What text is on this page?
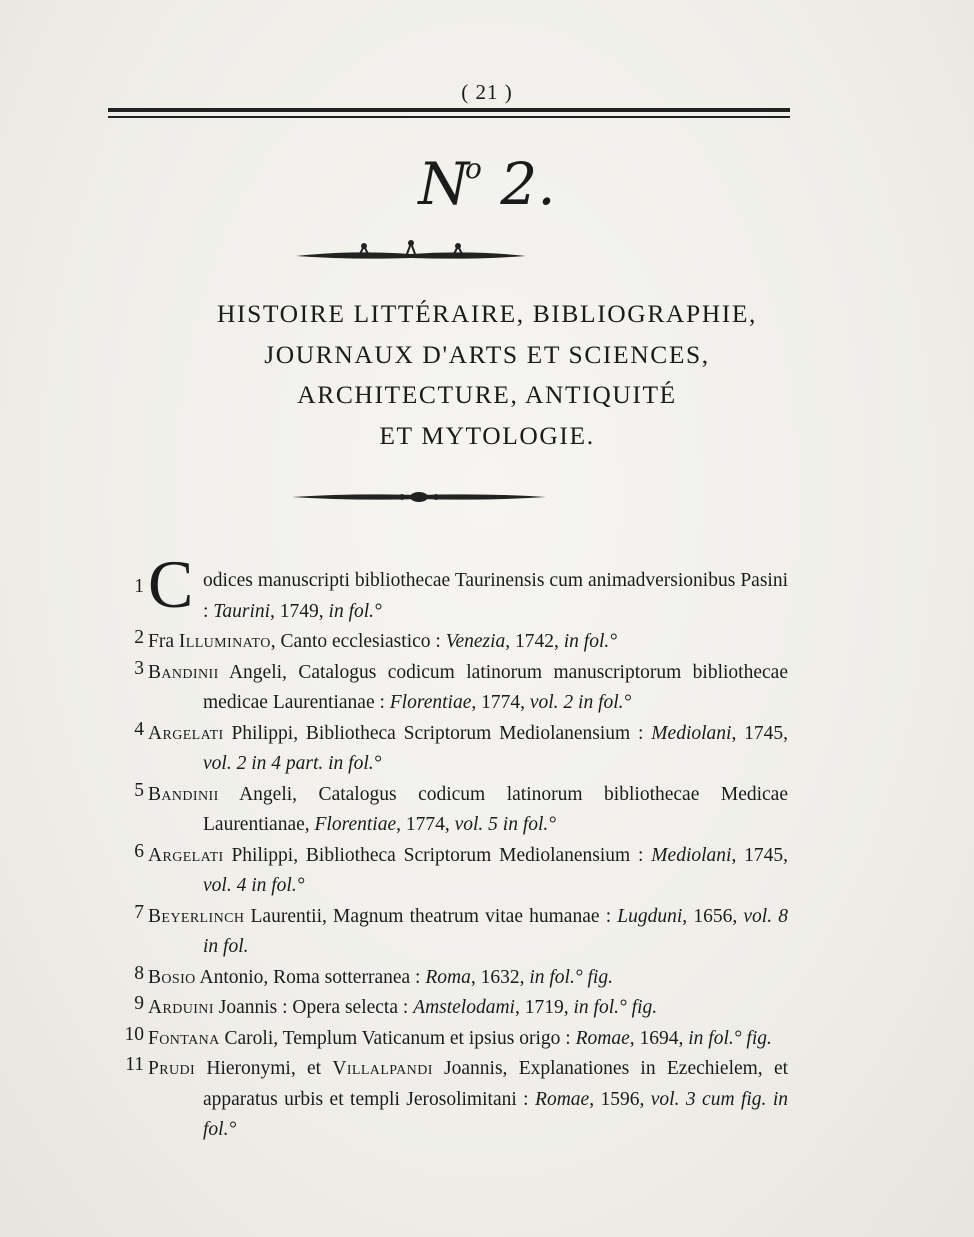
( 21 )
$N^o$ 2.
HISTOIRE LITTÉRAIRE, BIBLIOGRAPHIE,
JOURNAUX D'ARTS ET SCIENCES,
ARCHITECTURE, ANTIQUITÉ
ET MYTOLOGIE.
1 Codices manuscripti bibliothecae Taurinensis cum animadversionibus Pasini : Taurini, 1749, in fol.°
2 Fra Illuminato, Canto ecclesiastico : Venezia, 1742, in fol.°
3 Bandinii Angeli, Catalogus codicum latinorum manuscriptorum bibliothecae medicae Laurentianae : Florentiae, 1774, vol. 2 in fol.°
4 Argelati Philippi, Bibliotheca Scriptorum Mediolanensium : Mediolani, 1745, vol. 2 in 4 part. in fol.°
5 Bandinii Angeli, Catalogus codicum latinorum bibliothecae Medicae Laurentianae, Florentiae, 1774, vol. 5 in fol.°
6 Argelati Philippi, Bibliotheca Scriptorum Mediolanensium : Mediolani, 1745, vol. 4 in fol.°
7 Beyerlinch Laurentii, Magnum theatrum vitae humanae : Lugduni, 1656, vol. 8 in fol.
8 Bosio Antonio, Roma sotterranea : Roma, 1632, in fol.° fig.
9 Arduini Joannis : Opera selecta : Amstelodami, 1719, in fol.° fig.
10 Fontana Caroli, Templum Vaticanum et ipsius origo : Romae, 1694, in fol.° fig.
11 Prudi Hieronymi, et Villalpandi Joannis, Explanationes in Ezechielem, et apparatus urbis et templi Jerosolimitani : Romae, 1596, vol. 3 cum fig. in fol.°
